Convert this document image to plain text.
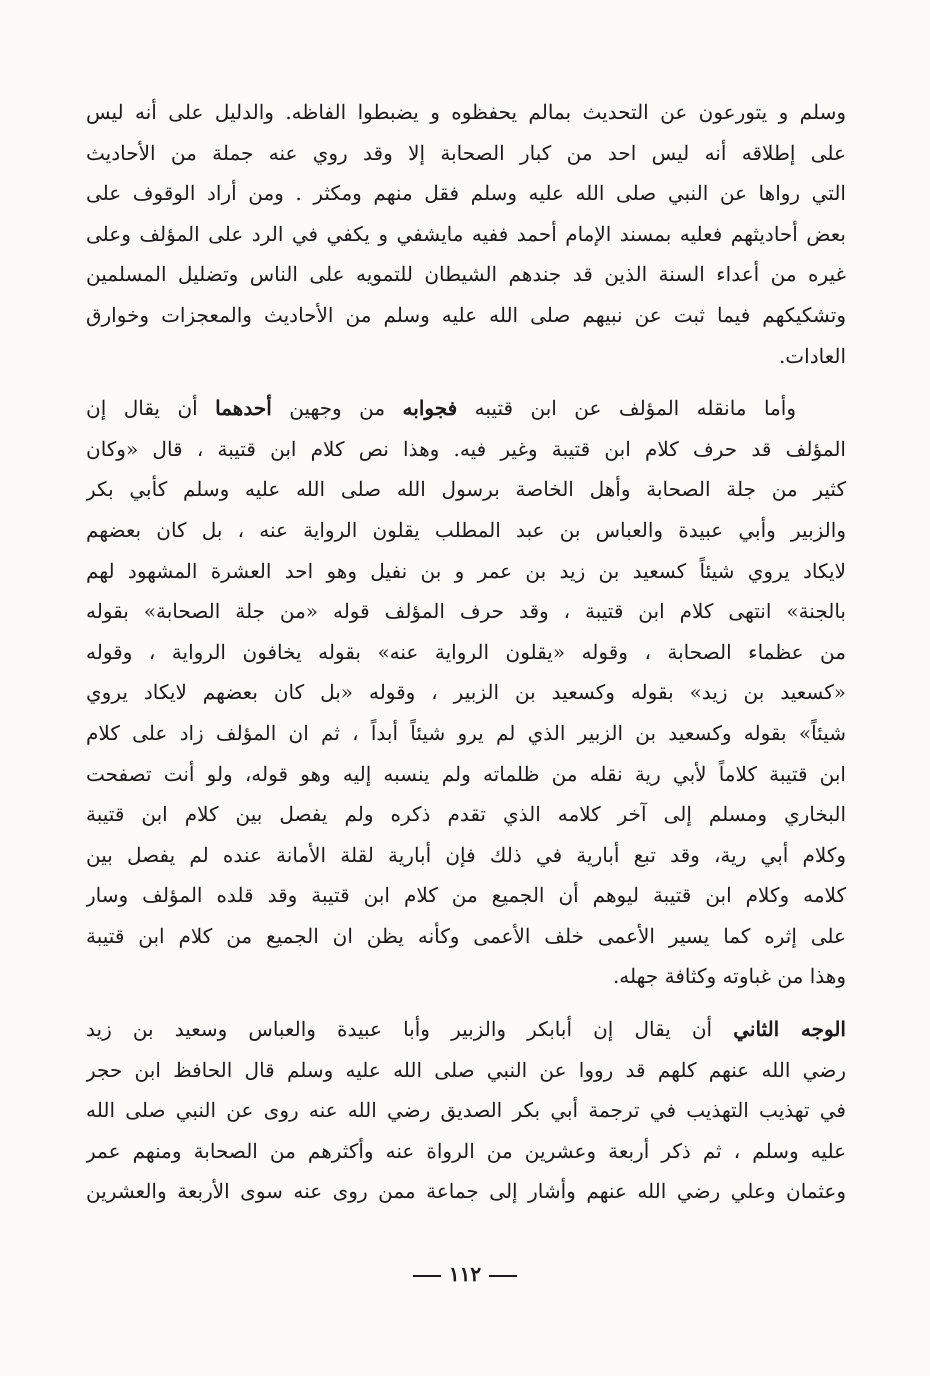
وسلم و يتورعون عن التحديث بمالم يحفظوه و يضبطوا الفاظه. والدليل على أنه ليس
على إطلاقه أنه ليس احد من كبار الصحابة إلا وقد روي عنه جملة من الأحاديث
التي رواها عن النبي صلى الله عليه وسلم فقل منهم ومكثر . ومن أراد الوقوف على
بعض أحاديثهم فعليه بمسند الإمام أحمد ففيه مايشفي و يكفي في الرد على المؤلف وعلى
غيره من أعداء السنة الذين قد جندهم الشيطان للتمويه على الناس وتضليل المسلمين
وتشكيكهم فيما ثبت عن نبيهم صلى الله عليه وسلم من الأحاديث والمعجزات وخوارق
العادات.
وأما مانقله المؤلف عن ابن قتيبه فجوابه من وجهين أحدهما أن يقال إن
المؤلف قد حرف كلام ابن قتيبة وغير فيه. وهذا نص كلام ابن قتيبة ، قال «وكان
كثير من جلة الصحابة وأهل الخاصة برسول الله صلى الله عليه وسلم كأبي بكر
والزبير وأبي عبيدة والعباس بن عبد المطلب يقلون الرواية عنه ، بل كان بعضهم
لايكاد يروي شيئاً كسعيد بن زيد بن عمر و بن نفيل وهو احد العشرة المشهود لهم
بالجنة» انتهى كلام ابن قتيبة ، وقد حرف المؤلف قوله «من جلة الصحابة» بقوله
من عظماء الصحابة ، وقوله «يقلون الرواية عنه» بقوله يخافون الرواية ، وقوله
«كسعيد بن زيد» بقوله وكسعيد بن الزبير ، وقوله «بل كان بعضهم لايكاد يروي
شيئاً» بقوله وكسعيد بن الزبير الذي لم يرو شيئاً أبداً ، ثم ان المؤلف زاد على كلام
ابن قتيبة كلاماً لأبي رية نقله من ظلماته ولم ينسبه إليه وهو قوله، ولو أنت تصفحت
البخاري ومسلم إلى آخر كلامه الذي تقدم ذكره ولم يفصل بين كلام ابن قتيبة
وكلام أبي رية، وقد تبع أبارية في ذلك فإن أبارية لقلة الأمانة عنده لم يفصل بين
كلامه وكلام ابن قتيبة ليوهم أن الجميع من كلام ابن قتيبة وقد قلده المؤلف وسار
على إثره كما يسير الأعمى خلف الأعمى وكأنه يظن ان الجميع من كلام ابن قتيبة
وهذا من غباوته وكثافة جهله.
الوجه الثاني أن يقال إن أبابكر والزبير وأبا عبيدة والعباس وسعيد بن زيد
رضي الله عنهم كلهم قد رووا عن النبي صلى الله عليه وسلم قال الحافظ ابن حجر
في تهذيب التهذيب في ترجمة أبي بكر الصديق رضي الله عنه روى عن النبي صلى الله
عليه وسلم ، ثم ذكر أربعة وعشرين من الرواة عنه وأكثرهم من الصحابة ومنهم عمر
وعثمان وعلي رضي الله عنهم وأشار إلى جماعة ممن روى عنه سوى الأربعة والعشرين
١١٢
